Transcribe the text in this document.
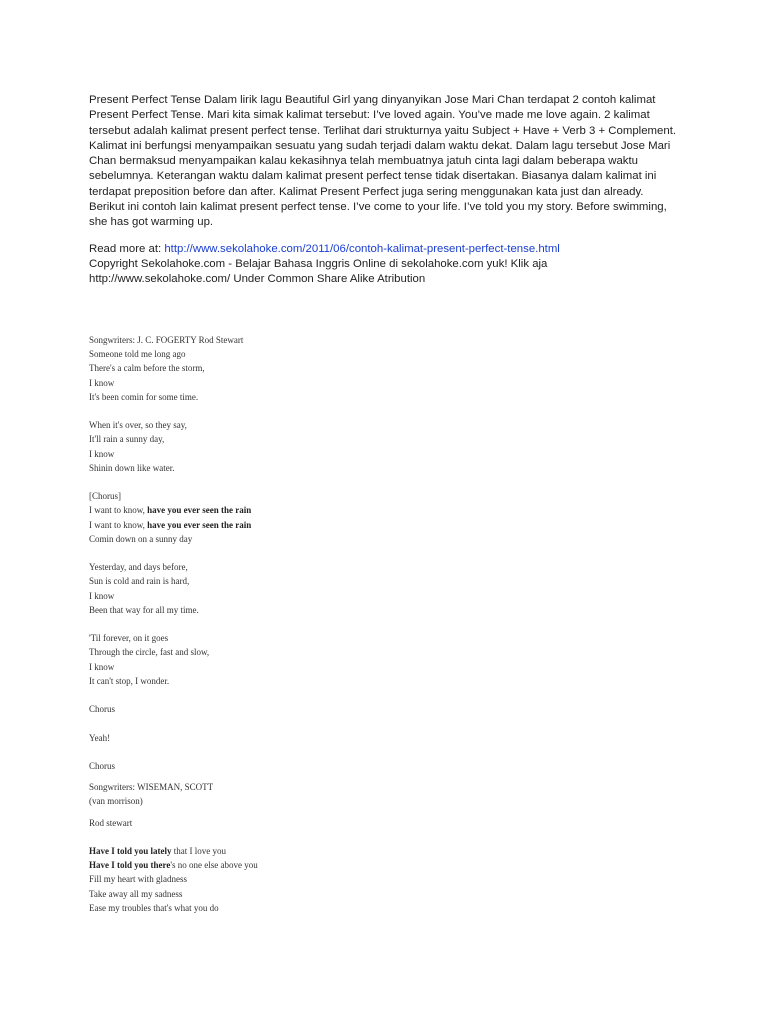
Present Perfect Tense Dalam lirik lagu Beautiful Girl yang dinyanyikan Jose Mari Chan terdapat 2 contoh kalimat
Present Perfect Tense. Mari kita simak kalimat tersebut: I’ve loved again. You’ve made me love again. 2 kalimat
tersebut adalah kalimat present perfect tense. Terlihat dari strukturnya yaitu Subject + Have + Verb 3 + Complement.
Kalimat ini berfungsi menyampaikan sesuatu yang sudah terjadi dalam waktu dekat. Dalam lagu tersebut Jose Mari
Chan bermaksud menyampaikan kalau kekasihnya telah membuatnya jatuh cinta lagi dalam beberapa waktu
sebelumnya. Keterangan waktu dalam kalimat present perfect tense tidak disertakan. Biasanya dalam kalimat ini
terdapat preposition before dan after. Kalimat Present Perfect juga sering menggunakan kata just dan already.
Berikut ini contoh lain kalimat present perfect tense. I’ve come to your life. I’ve told you my story. Before swimming,
she has got warming up.

Read more at: http://www.sekolahoke.com/2011/06/contoh-kalimat-present-perfect-tense.html

Copyright Sekolahoke.com - Belajar Bahasa Inggris Online di sekolahoke.com yuk! Klik aja
http://www.sekolahoke.com/ Under Common Share Alike Atribution

Songwriters: J. C. FOGERTY Rod Stewart
Someone told me long ago
There's a calm before the storm,
I know
It's been comin for some time.
When it's over, so they say,
It'll rain a sunny day,
I know
Shinin down like water.
[Chorus]
I want to know, have you ever seen the rain
I want to know, have you ever seen the rain
Comin down on a sunny day
Yesterday, and days before,
Sun is cold and rain is hard,
I know
Been that way for all my time.
'Til forever, on it goes
Through the circle, fast and slow,
I know
It can't stop, I wonder.
Chorus
Yeah!
Chorus
Songwriters: WISEMAN, SCOTT
(van morrison)
Rod stewart
Have I told you lately that I love you
Have I told you there's no one else above you
Fill my heart with gladness
Take away all my sadness
Ease my troubles that's what you do
